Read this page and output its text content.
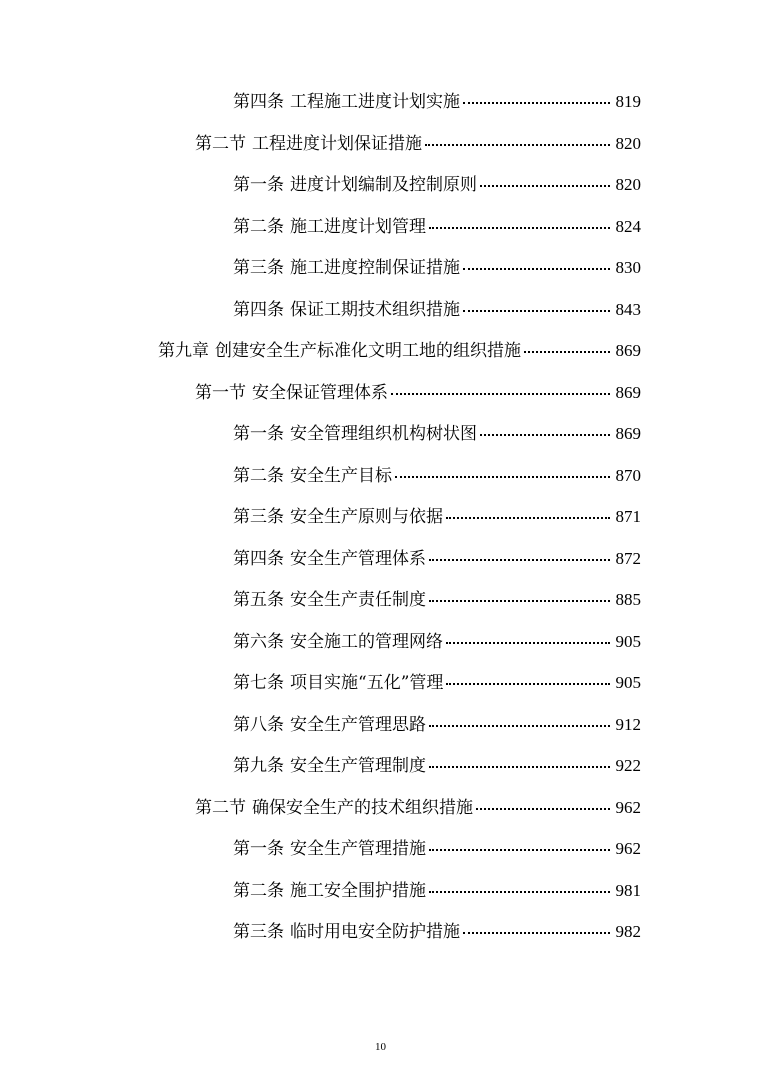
第四条 工程施工进度计划实施	819
第二节 工程进度计划保证措施	820
第一条 进度计划编制及控制原则	820
第二条 施工进度计划管理	824
第三条 施工进度控制保证措施	830
第四条 保证工期技术组织措施	843
第九章 创建安全生产标准化文明工地的组织措施	869
第一节 安全保证管理体系	869
第一条 安全管理组织机构树状图	869
第二条 安全生产目标	870
第三条 安全生产原则与依据	871
第四条 安全生产管理体系	872
第五条 安全生产责任制度	885
第六条 安全施工的管理网络	905
第七条 项目实施“五化”管理	905
第八条 安全生产管理思路	912
第九条 安全生产管理制度	922
第二节 确保安全生产的技术组织措施	962
第一条 安全生产管理措施	962
第二条 施工安全围护措施	981
第三条 临时用电安全防护措施	982
10
